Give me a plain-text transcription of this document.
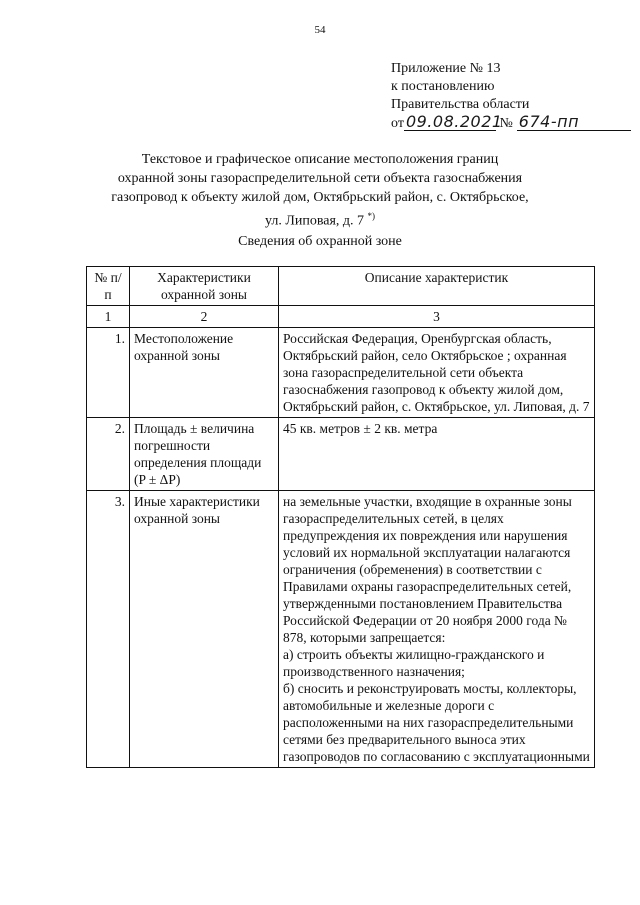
54
Приложение № 13
к постановлению
Правительства области
от 09.08.2021 № 674-пп
Текстовое и графическое описание местоположения границ
охранной зоны газораспределительной сети объекта газоснабжения
газопровод к объекту жилой дом, Октябрьский район, с. Октябрьское,
ул. Липовая, д. 7 *)
Сведения об охранной зоне
№ п/п	Характеристики охранной зоны	Описание характеристик
1	2	3
1.	Местоположение охранной зоны	Российская Федерация, Оренбургская область, Октябрьский район, село Октябрьское ; охранная зона газораспределительной сети объекта газоснабжения газопровод к объекту жилой дом, Октябрьский район, с. Октябрьское, ул. Липовая, д. 7
2.	Площадь ± величина погрешности определения площади (P ± ΔP)	45 кв. метров ± 2 кв. метра
3.	Иные характеристики охранной зоны	на земельные участки, входящие в охранные зоны газораспределительных сетей, в целях предупреждения их повреждения или нарушения условий их нормальной эксплуатации налагаются ограничения (обременения) в соответствии с Правилами охраны газораспределительных сетей, утвержденными постановлением Правительства Российской Федерации от 20 ноября 2000 года № 878, которыми запрещается:
а) строить объекты жилищно-гражданского и производственного назначения;
б) сносить и реконструировать мосты, коллекторы, автомобильные и железные дороги с расположенными на них газораспределительными сетями без предварительного выноса этих газопроводов по согласованию с эксплуатационными
